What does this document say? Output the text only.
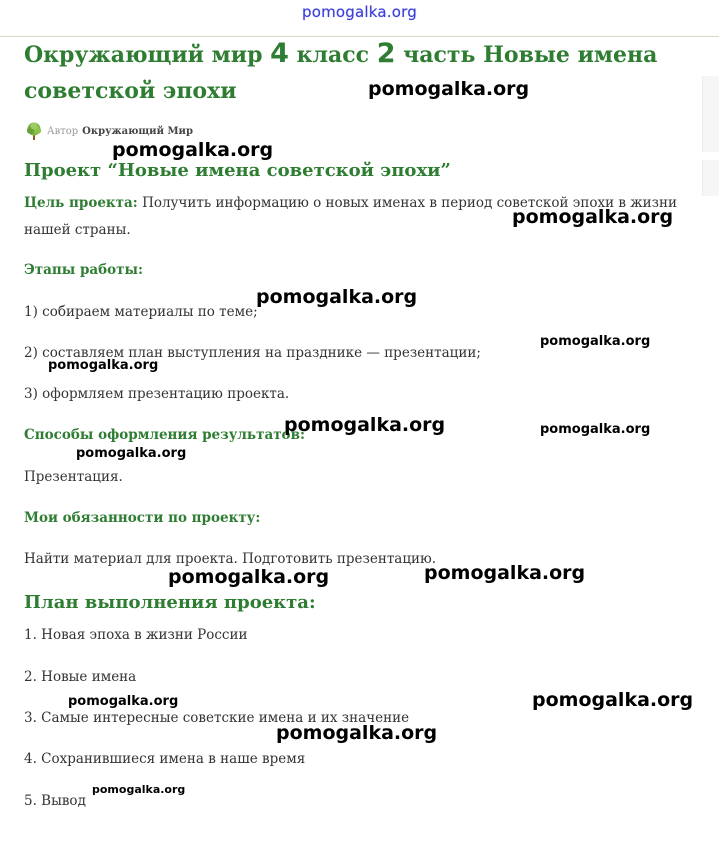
pomogalka.org
Окружающий мир 4 класс 2 часть Новые имена советской эпохи
Автор Окружающий Мир
Проект “Новые имена советской эпохи”

Цель проекта: Получить информацию о новых именах в период советской эпохи в жизни нашей страны.

Этапы работы:

1) собираем материалы по теме;

2) составляем план выступления на празднике — презентации;

3) оформляем презентацию проекта.

Способы оформления результатов:

Презентация.

Мои обязанности по проекту:

Найти материал для проекта. Подготовить презентацию.

План выполнения проекта:

1. Новая эпоха в жизни России

2. Новые имена

3. Самые интересные советские имена и их значение

4. Сохранившиеся имена в наше время

5. Вывод

pomogalka.org
pomogalka.org
pomogalka.org
pomogalka.org
pomogalka.org
pomogalka.org
pomogalka.org	pomogalka.org
pomogalka.org
pomogalka.org	pomogalka.org
pomogalka.org	pomogalka.org
pomogalka.org
pomogalka.org
